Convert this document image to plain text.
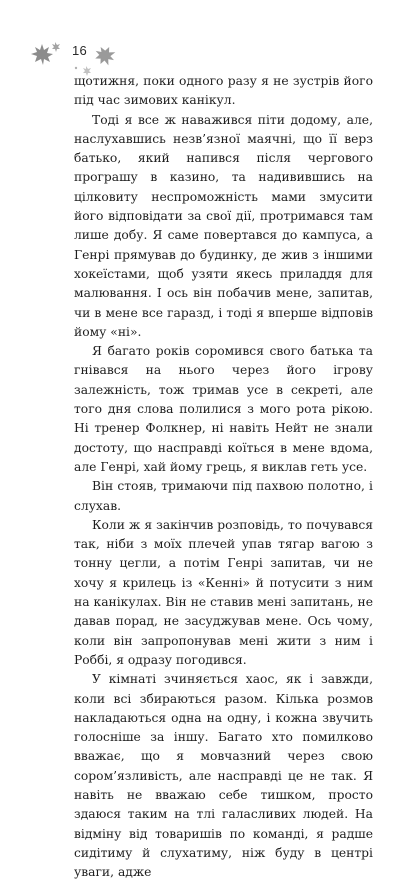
16

щотижня, поки одного разу я не зустрів його під час зимових канікул.

Тоді я все ж наважився піти додому, але, наслухавшись незв’язної маячні, що її верз батько, який напився після чергового програшу в казино, та надивившись на цілковиту неспроможність мами змусити його відповідати за свої дії, протримався там лише добу. Я саме повертався до кампуса, а Генрі прямував до будинку, де жив з іншими хокеїстами, щоб узяти якесь приладдя для малювання. І ось він побачив мене, запитав, чи в мене все гаразд, і тоді я вперше відповів йому «ні».

Я багато років соромився свого батька та гнівався на нього через його ігрову залежність, тож тримав усе в секреті, але того дня слова полилися з мого рота рікою. Ні тренер Фолкнер, ні навіть Нейт не знали достоту, що насправді коїться в мене вдома, але Генрі, хай йому грець, я виклав геть усе.

Він стояв, тримаючи під пахвою полотно, і слухав.

Коли ж я закінчив розповідь, то почувався так, ніби з моїх плечей упав тягар вагою з тонну цегли, а потім Генрі запитав, чи не хочу я крилець із «Кенні» й потусити з ним на канікулах. Він не ставив мені запитань, не давав порад, не засуджував мене. Ось чому, коли він запропонував мені жити з ним і Роббі, я одразу погодився.

У кімнаті зчиняється хаос, як і завжди, коли всі збираються разом. Кілька розмов накладаються одна на одну, і кожна звучить голосніше за іншу. Багато хто помилково вважає, що я мовчазний через свою сором’язливість, але насправді це не так. Я навіть не вважаю себе тишком, просто здаюся таким на тлі галасливих людей. На відміну від товаришів по команді, я радше сидітиму й слухатиму, ніж буду в центрі уваги, адже
